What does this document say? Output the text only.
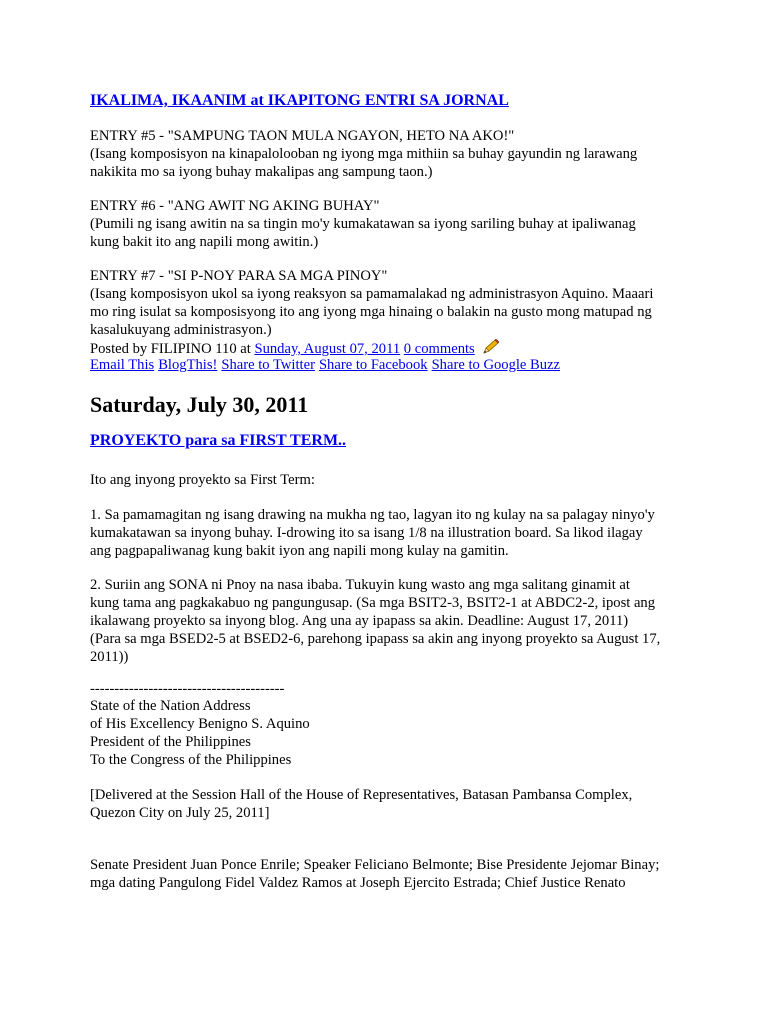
IKALIMA, IKAANIM at IKAPITONG ENTRI SA JORNAL

ENTRY #5 - "SAMPUNG TAON MULA NGAYON, HETO NA AKO!"

(Isang komposisyon na kinapalolooban ng iyong mga mithiin sa buhay gayundin ng larawang

nakikita mo sa iyong buhay makalipas ang sampung taon.)

ENTRY #6 - "ANG AWIT NG AKING BUHAY"

(Pumili ng isang awitin na sa tingin mo'y kumakatawan sa iyong sariling buhay at ipaliwanag

kung bakit ito ang napili mong awitin.)

ENTRY #7 - "SI P-NOY PARA SA MGA PINOY"

(Isang komposisyon ukol sa iyong reaksyon sa pamamalakad ng administrasyon Aquino. Maaari

mo ring isulat sa komposisyong ito ang iyong mga hinaing o balakin na gusto mong matupad ng

kasalukuyang administrasyon.)

Posted by FILIPINO 110 at Sunday, August 07, 2011 0 comments

Email This BlogThis! Share to Twitter Share to Facebook Share to Google Buzz

Saturday, July 30, 2011

PROYEKTO para sa FIRST TERM..

Ito ang inyong proyekto sa First Term:

1. Sa pamamagitan ng isang drawing na mukha ng tao, lagyan ito ng kulay na sa palagay ninyo'y

kumakatawan sa inyong buhay. I-drowing ito sa isang 1/8 na illustration board. Sa likod ilagay

ang pagpapaliwanag kung bakit iyon ang napili mong kulay na gamitin.

2. Suriin ang SONA ni Pnoy na nasa ibaba. Tukuyin kung wasto ang mga salitang ginamit at

kung tama ang pagkakabuo ng pangungusap. (Sa mga BSIT2-3, BSIT2-1 at ABDC2-2, ipost ang

ikalawang proyekto sa inyong blog. Ang una ay ipapass sa akin. Deadline: August 17, 2011)

(Para sa mga BSED2-5 at BSED2-6, parehong ipapass sa akin ang inyong proyekto sa August 17,

2011))

----------------------------------------

State of the Nation Address

of His Excellency Benigno S. Aquino

President of the Philippines

To the Congress of the Philippines

[Delivered at the Session Hall of the House of Representatives, Batasan Pambansa Complex,

Quezon City on July 25, 2011]

Senate President Juan Ponce Enrile; Speaker Feliciano Belmonte; Bise Presidente Jejomar Binay;

mga dating Pangulong Fidel Valdez Ramos at Joseph Ejercito Estrada; Chief Justice Renato
